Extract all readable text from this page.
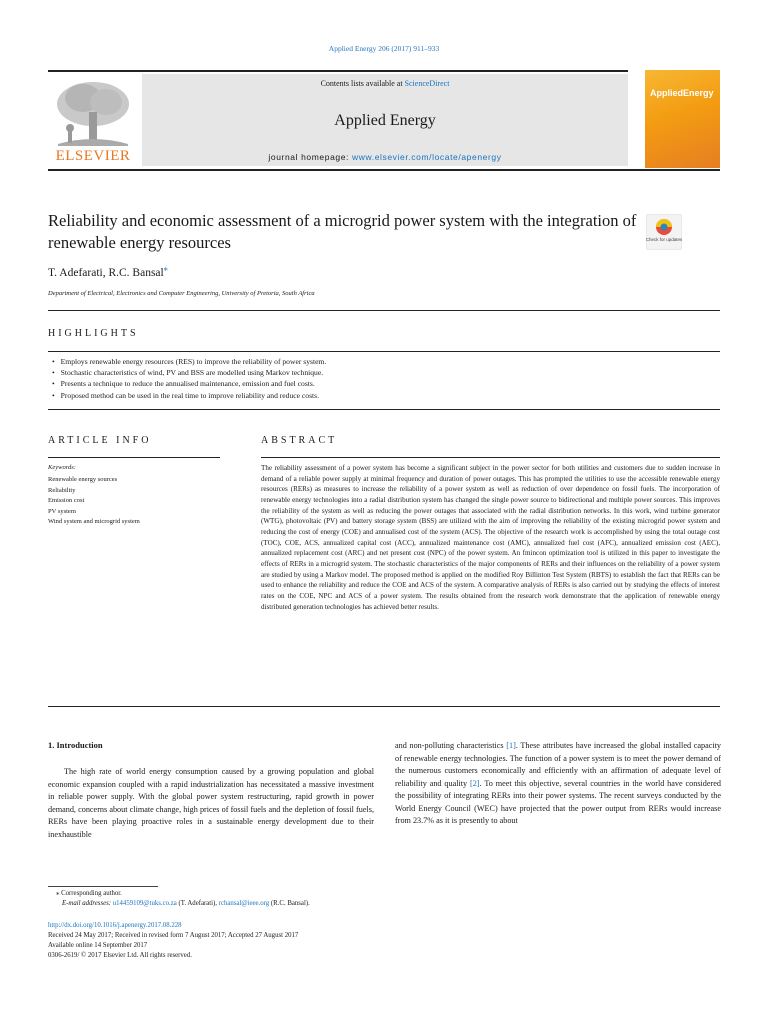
Applied Energy 206 (2017) 911–933
ELSEVIER
Contents lists available at ScienceDirect
Applied Energy
journal homepage: www.elsevier.com/locate/apenergy
AppliedEnergy
Reliability and economic assessment of a microgrid power system with the integration of renewable energy resources	Check for updates
T. Adefarati, R.C. Bansal⁎
Department of Electrical, Electronics and Computer Engineering, University of Pretoria, South Africa
HIGHLIGHTS
• Employs renewable energy resources (RES) to improve the reliability of power system.
• Stochastic characteristics of wind, PV and BSS are modelled using Markov technique.
• Presents a technique to reduce the annualised maintenance, emission and fuel costs.
• Proposed method can be used in the real time to improve reliability and reduce costs.
ARTICLE INFO
Keywords:
Renewable energy sources
Reliability
Emission cost
PV system
Wind system and microgrid system
ABSTRACT
The reliability assessment of a power system has become a significant subject in the power sector for both utilities and customers due to sudden increase in demand of a reliable power supply at minimal frequency and duration of power outages. This has prompted the utilities to use the accessible renewable energy resources (RERs) as measures to increase the reliability of a power system as well as reduction of over dependence on fossil fuels. The incorporation of renewable energy technologies into a radial distribution system has changed the single power source to bidirectional and multiple power sources. This improves the reliability of the system as well as reducing the power outages that associated with the radial distribution networks. In this work, wind turbine generator (WTG), photovoltaic (PV) and battery storage system (BSS) are utilized with the aim of improving the reliability of the existing microgrid power system and reducing the cost of energy (COE) and annualised cost of the system (ACS). The objective of the research work is accomplished by using the total outage cost (TOC), COE, ACS, annualized capital cost (ACC), annualized maintenance cost (AMC), annualized fuel cost (AFC), annualized emission cost (AEC), annualized replacement cost (ARC) and net present cost (NPC) of the power system. An fmincon optimization tool is utilized in this paper to investigate the effects of RERs in a microgrid system. The stochastic characteristics of the major components of RERs and their influences on the reliability of a power system are studied by using a Markov model. The proposed method is applied on the modified Roy Billinton Test System (RBTS) to establish the fact that RERs can be used to enhance the reliability and reduce the COE and ACS of the system. A comparative analysis of RERs is also carried out by studying the effects of interest rates on the COE, NPC and ACS of a power system. The results obtained from the research work demonstrate that the application of renewable energy distributed generation technologies has achieved better results.
1. Introduction
The high rate of world energy consumption caused by a growing population and global economic expansion coupled with a rapid industrialization has necessitated a massive investment in reliable power supply. With the global power system restructuring, rapid growth in power demand, concerns about climate change, high prices of fossil fuels and the depletion of fossil fuels, RERs have been playing proactive roles in a sustainable energy development due to their inexhaustible
and non-polluting characteristics [1]. These attributes have increased the global installed capacity of renewable energy technologies. The function of a power system is to meet the power demand of the numerous customers economically and efficiently with an affirmation of adequate level of reliability and quality [2]. To meet this objective, several countries in the world have considered the possibility of integrating RERs into their power systems. The recent surveys conducted by the World Energy Council (WEC) have projected that the power output from RERs would increase from 23.7% as it is presently to about
⁎ Corresponding author.
E-mail addresses: u14459109@tuks.co.za (T. Adefarati), rchansal@ieee.org (R.C. Bansal).
http://dx.doi.org/10.1016/j.apenergy.2017.08.228
Received 24 May 2017; Received in revised form 7 August 2017; Accepted 27 August 2017
Available online 14 September 2017
0306-2619/ © 2017 Elsevier Ltd. All rights reserved.
